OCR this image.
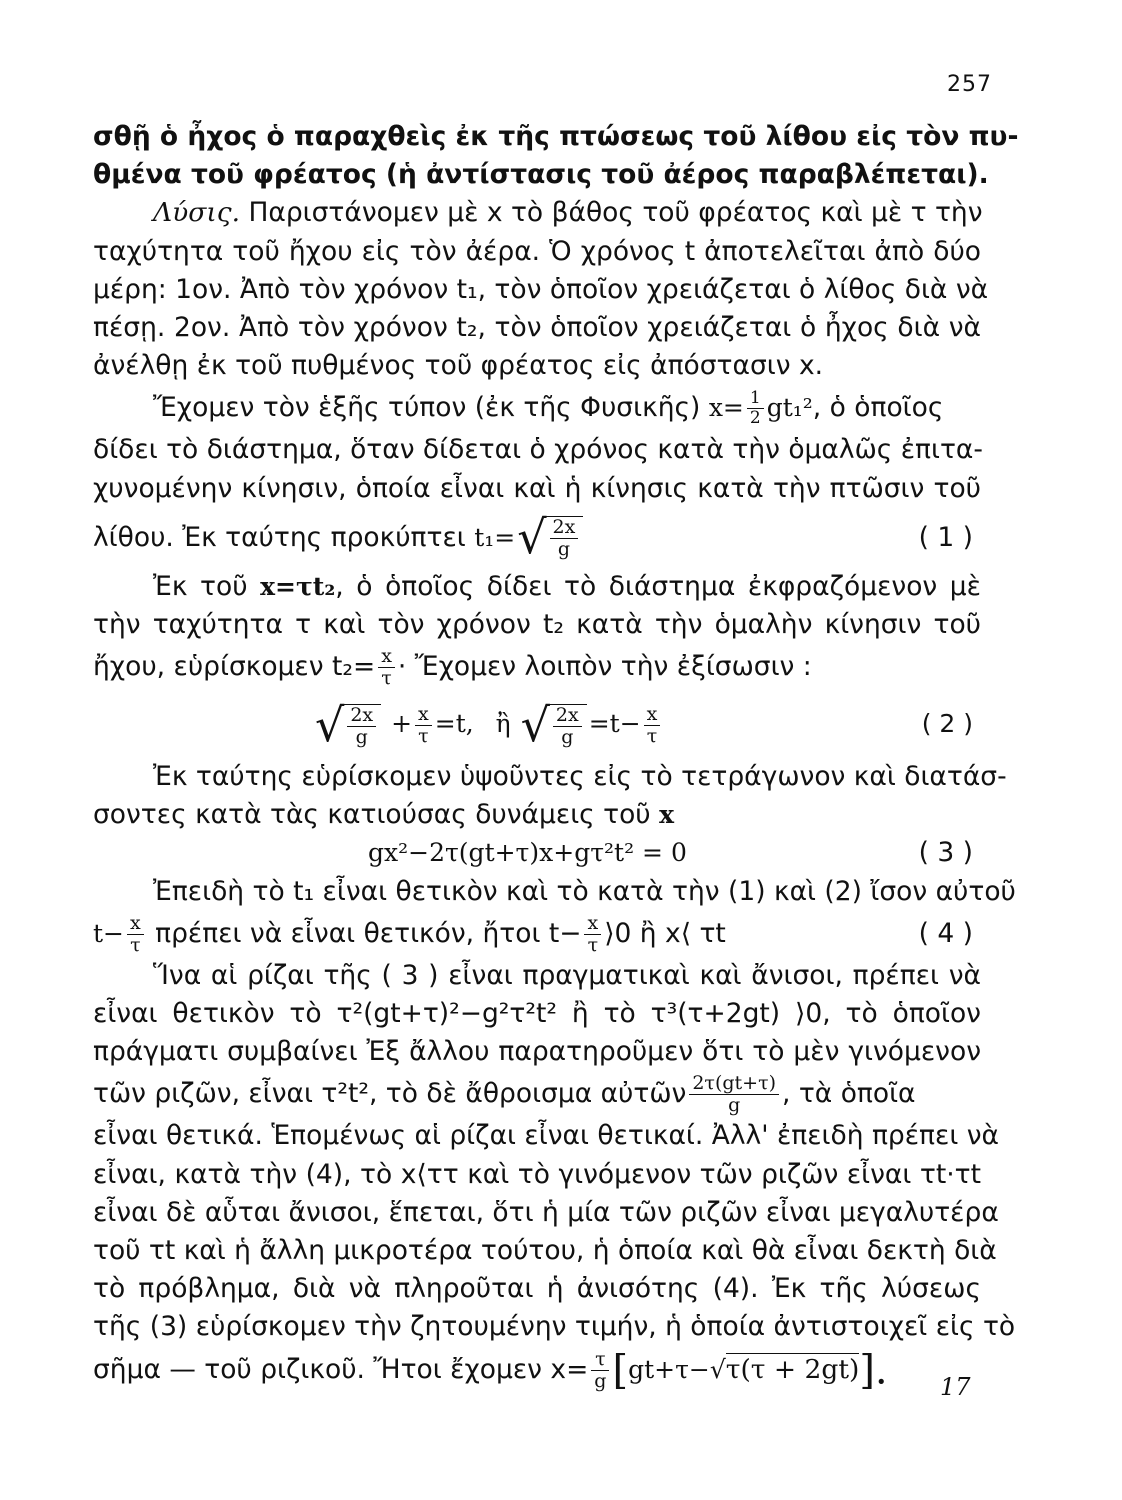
257
σθῇ ὁ ἦχος ὁ παραχθεὶς ἐκ τῆς πτώσεως τοῦ λίθου εἰς τὸν πυ-
θμένα τοῦ φρέατος (ἡ ἀντίστασις τοῦ ἀέρος παραβλέπεται).
Λύσις. Παριστάνομεν μὲ x τὸ βάθος τοῦ φρέατος καὶ μὲ τ τὴν
ταχύτητα τοῦ ἤχου εἰς τὸν ἀέρα. Ὁ χρόνος t ἀποτελεῖται ἀπὸ δύο
μέρη: 1ον. Ἀπὸ τὸν χρόνον t₁, τὸν ὁποῖον χρειάζεται ὁ λίθος διὰ νὰ
πέσῃ. 2ον. Ἀπὸ τὸν χρόνον t₂, τὸν ὁποῖον χρειάζεται ὁ ἦχος διὰ νὰ
ἀνέλθῃ ἐκ τοῦ πυθμένος τοῦ φρέατος εἰς ἀπόστασιν x.
Ἔχομεν τὸν ἑξῆς τύπον (ἐκ τῆς Φυσικῆς) $x= \frac{1}{2} gt_1^2$, ὁ ὁποῖος
δίδει τὸ διάστημα, ὅταν δίδεται ὁ χρόνος κατὰ τὴν ὁμαλῶς ἐπιτα-
χυνομένην κίνησιν, ὁποία εἶναι καὶ ἡ κίνησις κατὰ τὴν πτῶσιν τοῦ
λίθου. Ἐκ ταύτης προκύπτει t₁= √ $\frac{2x}{g}$	( 1 )
Ἐκ τοῦ x=τt₂, ὁ ὁποῖος δίδει τὸ διάστημα ἐκφραζόμενον μὲ
τὴν ταχύτητα τ καὶ τὸν χρόνον t₂ κατὰ τὴν ὁμαλὴν κίνησιν τοῦ
ἤχου, εὑρίσκομεν $t_2= \frac{x}{\tau}$ · Ἔχομεν λοιπὸν τὴν ἐξίσωσιν :
√ $\frac{2x}{g} + \frac{x}{\tau} =t$, ἢ √ $\frac{2x}{g} =t- \frac{x}{\tau}$	( 2 )
Ἐκ ταύτης εὑρίσκομεν ὑψοῦντες εἰς τὸ τετράγωνον καὶ διατάσ-
σοντες κατὰ τὰς κατιούσας δυνάμεις τοῦ x
gx²−2τ(gt+τ)x+gτ²t² = 0	( 3 )
Ἐπειδὴ τὸ t₁ εἶναι θετικὸν καὶ τὸ κατὰ τὴν (1) καὶ (2) ἴσον αὐτοῦ
$t- \frac{x}{\tau}$ πρέπει νὰ εἶναι θετικόν, ἤτοι $t- \frac{x}{\tau}$ ⟩0 ἢ x⟨ τt	( 4 )
Ἵνα αἱ ρίζαι τῆς ( 3 ) εἶναι πραγματικαὶ καὶ ἄνισοι, πρέπει νὰ
εἶναι θετικὸν τὸ τ²(gt+τ)²−g²τ²t² ἢ τὸ τ³(τ+2gt) ⟩0, τὸ ὁποῖον
πράγματι συμβαίνει Ἐξ ἄλλου παρατηροῦμεν ὅτι τὸ μὲν γινόμενον
τῶν ριζῶν, εἶναι τ²t², τὸ δὲ ἄθροισμα αὐτῶν $\frac{2\tau(gt+\tau)}{g}$ , τὰ ὁποῖα
εἶναι θετικά. Ἑπομένως αἱ ρίζαι εἶναι θετικαί. Ἀλλ' ἐπειδὴ πρέπει νὰ
εἶναι, κατὰ τὴν (4), τὸ x⟨ττ καὶ τὸ γινόμενον τῶν ριζῶν εἶναι τt·τt
εἶναι δὲ αὗται ἄνισοι, ἕπεται, ὅτι ἡ μία τῶν ριζῶν εἶναι μεγαλυτέρα
τοῦ τt καὶ ἡ ἄλλη μικροτέρα τούτου, ἡ ὁποία καὶ θὰ εἶναι δεκτὴ διὰ
τὸ πρόβλημα, διὰ νὰ πληροῦται ἡ ἀνισότης (4). Ἐκ τῆς λύσεως
τῆς (3) εὑρίσκομεν τὴν ζητουμένην τιμήν, ἡ ὁποία ἀντιστοιχεῖ εἰς τὸ
σῆμα — τοῦ ριζικοῦ. Ἤτοι ἔχομεν $x= \frac{\tau}{g} [gt+\tau-√\tau(\tau + 2gt)]$.	17
